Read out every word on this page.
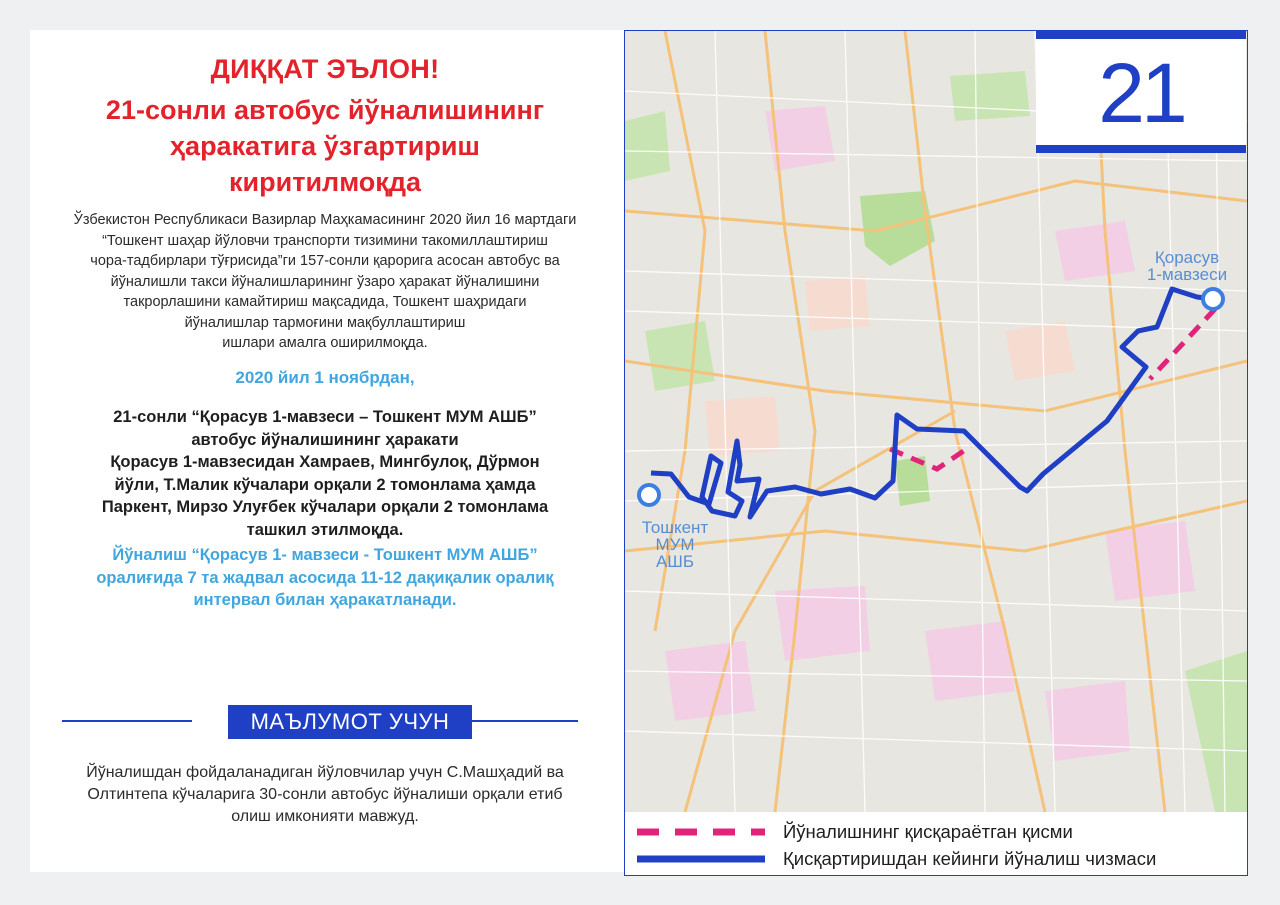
ДИҚҚАТ ЭЪЛОН!
21-сонли автобус йўналишининг
ҳаракатига ўзгартириш
киритилмоқда
Ўзбекистон Республикаси Вазирлар Маҳкамасининг 2020 йил 16 мартдаги
“Тошкент шаҳар йўловчи транспорти тизимини такомиллаштириш
чора-тадбирлари тўғрисида”ги 157-сонли қарорига асосан автобус ва
йўналишли такси йўналишларининг ўзаро ҳаракат йўналишини
такрорлашини камайтириш мақсадида, Тошкент шаҳридаги
йўналишлар тармоғини мақбуллаштириш
ишлари амалга оширилмоқда.
2020 йил 1 ноябрдан,
21-сонли “Қорасув 1-мавзеси – Тошкент МУМ АШБ”
автобус йўналишининг ҳаракати
Қорасув 1-мавзесидан Хамраев, Мингбулоқ, Дўрмон
йўли, Т.Малик кўчалари орқали 2 томонлама ҳамда
Паркент, Мирзо Улуғбек кўчалари орқали 2 томонлама
ташкил этилмоқда.
Йўналиш “Қорасув 1- мавзеси - Тошкент МУМ АШБ”
оралиғида 7 та жадвал асосида 11-12 дақиқалик оралиқ
интервал билан ҳаракатланади.
МАЪЛУМОТ УЧУН
Йўналишдан фойдаланадиган йўловчилар учун С.Машҳадий ва
Олтинтепа кўчаларига 30-сонли автобус йўналиши орқали етиб
олиш имконияти мавжуд.
21
Қорасув
1-мавзеси
Тошкент
МУМ
АШБ
Йўналишнинг қисқараётган қисми
Қисқартиришдан кейинги йўналиш чизмаси
